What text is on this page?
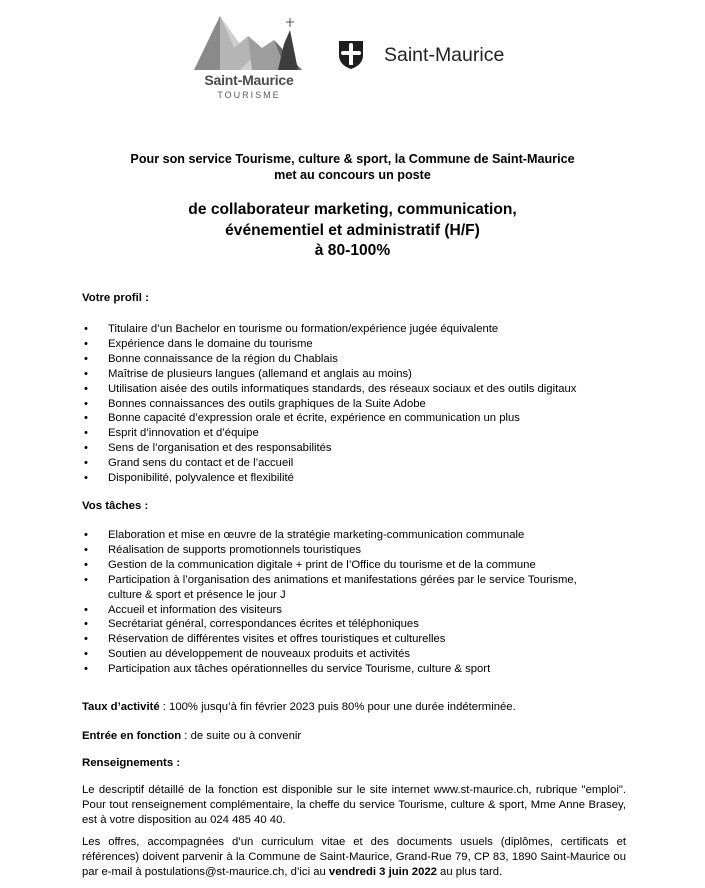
Saint-Maurice
TOURISME
Saint-Maurice
Pour son service Tourisme, culture & sport, la Commune de Saint-Maurice
met au concours un poste
de collaborateur marketing, communication,
événementiel et administratif (H/F)
à 80-100%
Votre profil :
• Titulaire d’un Bachelor en tourisme ou formation/expérience jugée équivalente
• Expérience dans le domaine du tourisme
• Bonne connaissance de la région du Chablais
• Maîtrise de plusieurs langues (allemand et anglais au moins)
• Utilisation aisée des outils informatiques standards, des réseaux sociaux et des outils digitaux
• Bonnes connaissances des outils graphiques de la Suite Adobe
• Bonne capacité d’expression orale et écrite, expérience en communication un plus
• Esprit d’innovation et d’équipe
• Sens de l’organisation et des responsabilités
• Grand sens du contact et de l’accueil
• Disponibilité, polyvalence et flexibilité
Vos tâches :
• Elaboration et mise en œuvre de la stratégie marketing-communication communale
• Réalisation de supports promotionnels touristiques
• Gestion de la communication digitale + print de l’Office du tourisme et de la commune
• Participation à l’organisation des animations et manifestations gérées par le service Tourisme, culture & sport et présence le jour J
• Accueil et information des visiteurs
• Secrétariat général, correspondances écrites et téléphoniques
• Réservation de différentes visites et offres touristiques et culturelles
• Soutien au développement de nouveaux produits et activités
• Participation aux tâches opérationnelles du service Tourisme, culture & sport
Taux d’activité : 100% jusqu’à fin février 2023 puis 80% pour une durée indéterminée.
Entrée en fonction : de suite ou à convenir
Renseignements :
Le descriptif détaillé de la fonction est disponible sur le site internet www.st-maurice.ch, rubrique "emploi". Pour tout renseignement complémentaire, la cheffe du service Tourisme, culture & sport, Mme Anne Brasey, est à votre disposition au 024 485 40 40.
Les offres, accompagnées d’un curriculum vitae et des documents usuels (diplômes, certificats et références) doivent parvenir à la Commune de Saint-Maurice, Grand-Rue 79, CP 83, 1890 Saint-Maurice ou par e-mail à postulations@st-maurice.ch, d’ici au vendredi 3 juin 2022 au plus tard.
